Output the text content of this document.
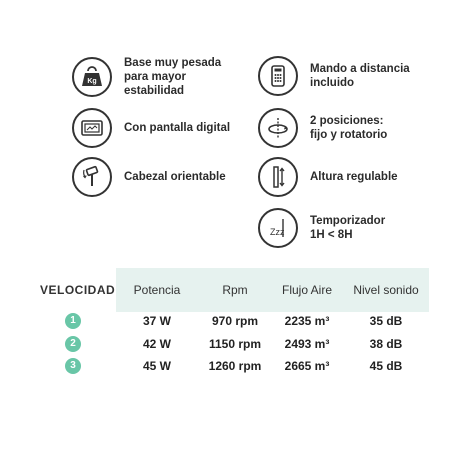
Kg
Base muy pesada
para mayor
estabilidad
Mando a distancia
incluido
Con pantalla digital
2 posiciones:
fijo y rotatorio
Cabezal orientable	Altura regulable
Zzz
Temporizador
1H < 8H
VELOCIDAD	Potencia	Rpm	Flujo Aire	Nivel sonido
1	37 W	970 rpm	2235 m³	35 dB
2	42 W	1150 rpm	2493 m³	38 dB
3	45 W	1260 rpm	2665 m³	45 dB
